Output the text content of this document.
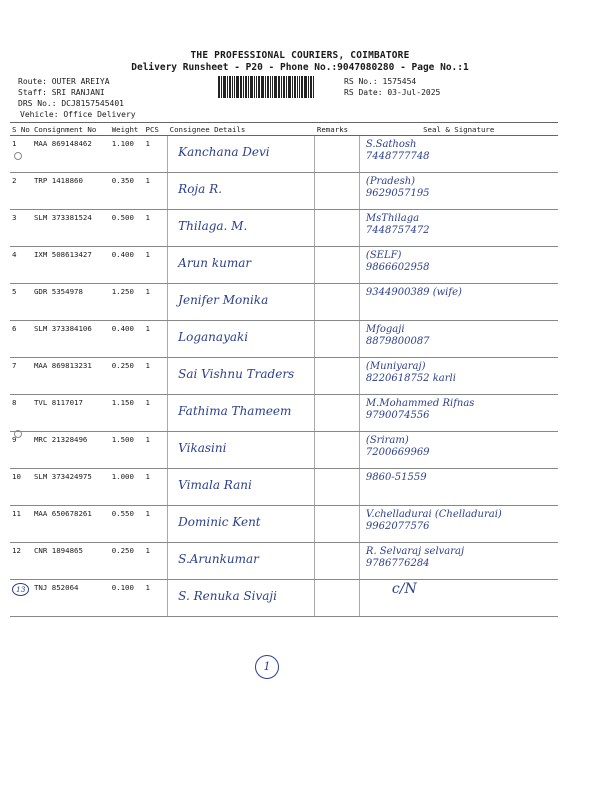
THE PROFESSIONAL COURIERS, COIMBATORE
Delivery Runsheet - P20 - Phone No.:9047080280 - Page No.:1
Route: OUTER AREIYA
Staff: SRI RANJANI
DRS No.: DCJ8157545401
Vehicle: Office Delivery
RS No.: 1575454
RS Date: 03-Jul-2025
S No	Consignment No	Weight	PCS	Consignee Details	Remarks	Seal & Signature
1	MAA 869148462	1.100	1	Kanchana Devi		S.Sathosh
7448777748

2	TRP 1418860	0.350	1	Roja R.		(Pradesh)
9629057195

3	SLM 373381524	0.500	1	Thilaga. M.		MsThilaga
7448757472

4	IXM 508613427	0.400	1	Arun kumar		(SELF)
9866602958

5	GDR 5354978	1.250	1	Jenifer Monika		9344900389 (wife)

6	SLM 373384106	0.400	1	Loganayaki		Mfogaji
8879800087

7	MAA 869813231	0.250	1	Sai Vishnu Traders		(Muniyaraj)
8220618752 karli

8	TVL 8117017	1.150	1	Fathima Thameem		M.Mohammed Rifnas
9790074556

9	MRC 21328496	1.500	1	Vikasini		(Sriram)
7200669969

10	SLM 373424975	1.000	1	Vimala Rani		9860-51559

11	MAA 650678261	0.550	1	Dominic Kent		V.chelladurai (Chelladurai)
9962077576

12	CNR 1894865	0.250	1	S.Arunkumar		R. Selvaraj selvaraj
9786776284

13	TNJ 852064	0.100	1	S. Renuka Sivaji		c/N
1
